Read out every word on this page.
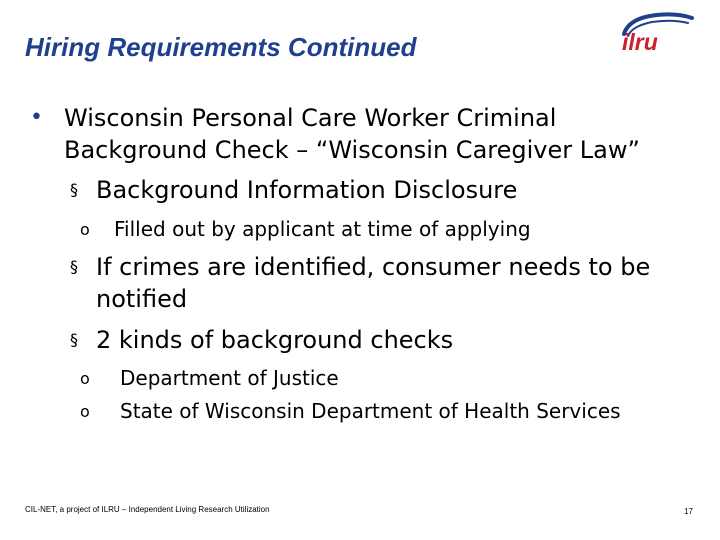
Hiring Requirements Continued	ilru
• Wisconsin Personal Care Worker Criminal
Background Check – “Wisconsin Caregiver Law”
§ Background Information Disclosure
o Filled out by applicant at time of applying
§ If crimes are identified, consumer needs to be
notified
§ 2 kinds of background checks
o Department of Justice
o State of Wisconsin Department of Health Services
CIL-NET, a project of ILRU – Independent Living Research Utilization	17
